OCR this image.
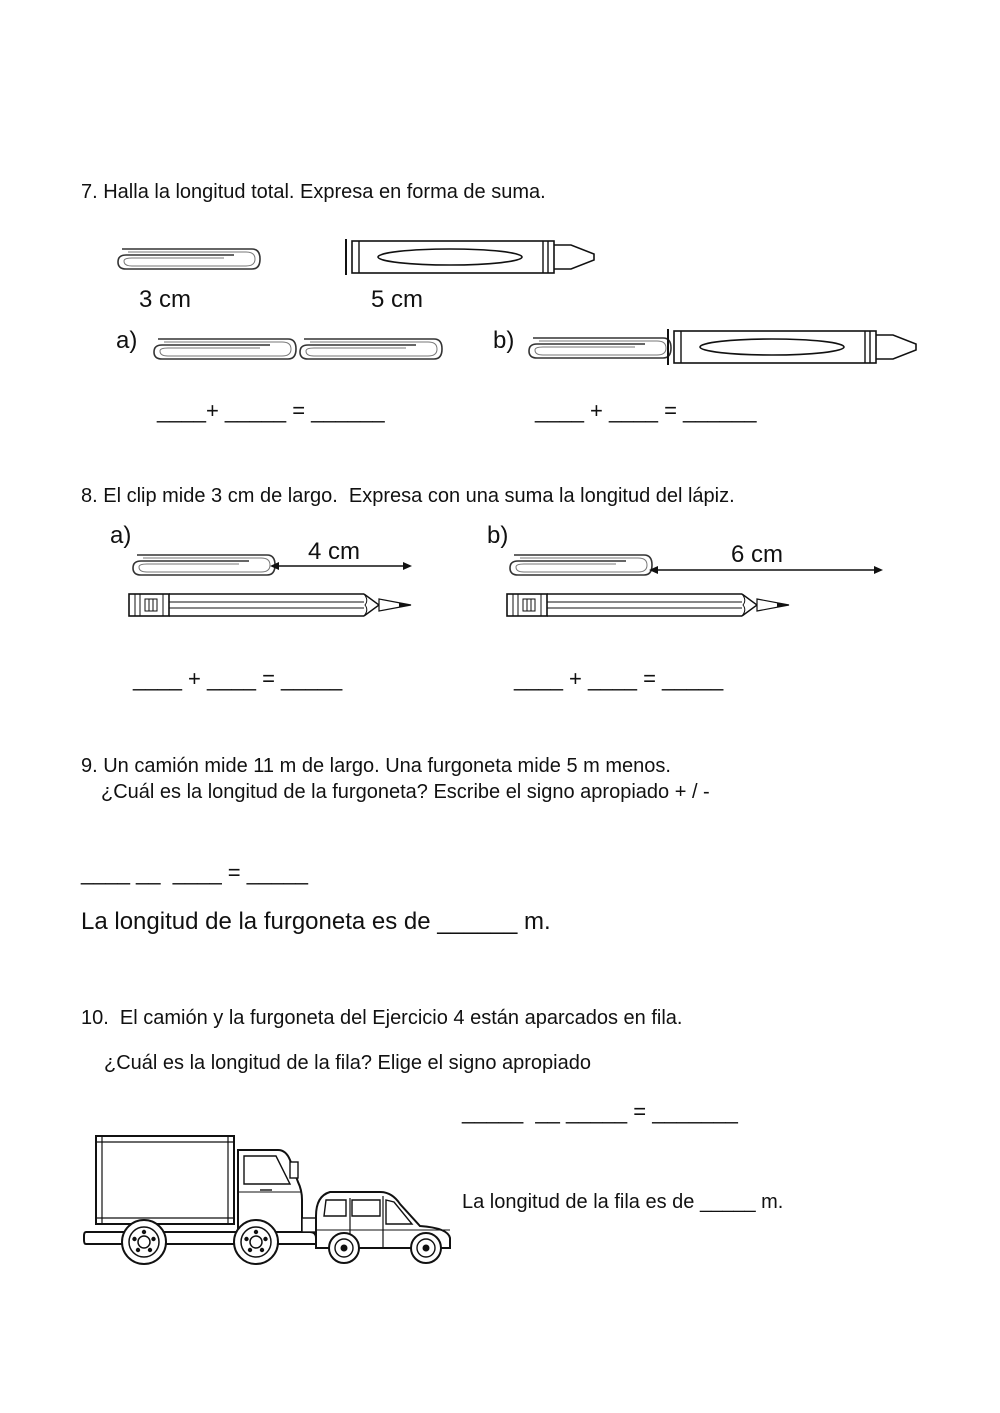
7. Halla la longitud total. Expresa en forma de suma.
3 cm	5 cm
a)	b)
____+ _____ = ______	____ + ____ = ______
8. El clip mide 3 cm de largo.  Expresa con una suma la longitud del lápiz.
a)
4 cm
b)
6 cm
____ + ____ = _____	____ + ____ = _____
9. Un camión mide 11 m de largo. Una furgoneta mide 5 m menos.
¿Cuál es la longitud de la furgoneta? Escribe el signo apropiado + / -
____ __  ____ = _____
La longitud de la furgoneta es de ______ m.
10.  El camión y la furgoneta del Ejercicio 4 están aparcados en fila.
¿Cuál es la longitud de la fila? Elige el signo apropiado
_____  __ _____ = _______
La longitud de la fila es de _____ m.
